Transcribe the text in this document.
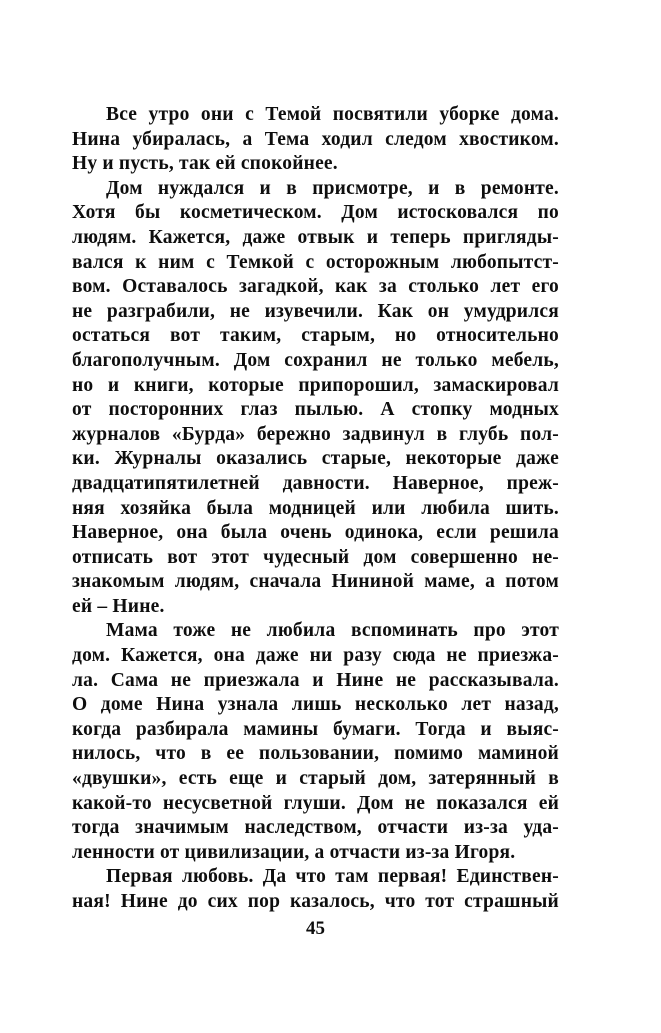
Все утро они с Темой посвятили уборке дома.
Нина убиралась, а Тема ходил следом хвостиком.
Ну и пусть, так ей спокойнее.
Дом нуждался и в присмотре, и в ремонте.
Хотя бы косметическом. Дом истосковался по
людям. Кажется, даже отвык и теперь пригляды-
вался к ним с Темкой с осторожным любопытст-
вом. Оставалось загадкой, как за столько лет его
не разграбили, не изувечили. Как он умудрился
остаться вот таким, старым, но относительно
благополучным. Дом сохранил не только мебель,
но и книги, которые припорошил, замаскировал
от посторонних глаз пылью. А стопку модных
журналов «Бурда» бережно задвинул в глубь пол-
ки. Журналы оказались старые, некоторые даже
двадцатипятилетней давности. Наверное, преж-
няя хозяйка была модницей или любила шить.
Наверное, она была очень одинока, если решила
отписать вот этот чудесный дом совершенно не-
знакомым людям, сначала Нининой маме, а потом
ей – Нине.
Мама тоже не любила вспоминать про этот
дом. Кажется, она даже ни разу сюда не приезжа-
ла. Сама не приезжала и Нине не рассказывала.
О доме Нина узнала лишь несколько лет назад,
когда разбирала мамины бумаги. Тогда и выяс-
нилось, что в ее пользовании, помимо маминой
«двушки», есть еще и старый дом, затерянный в
какой-то несусветной глуши. Дом не показался ей
тогда значимым наследством, отчасти из-за уда-
ленности от цивилизации, а отчасти из-за Игоря.
Первая любовь. Да что там первая! Единствен-
ная! Нине до сих пор казалось, что тот страшный
45
